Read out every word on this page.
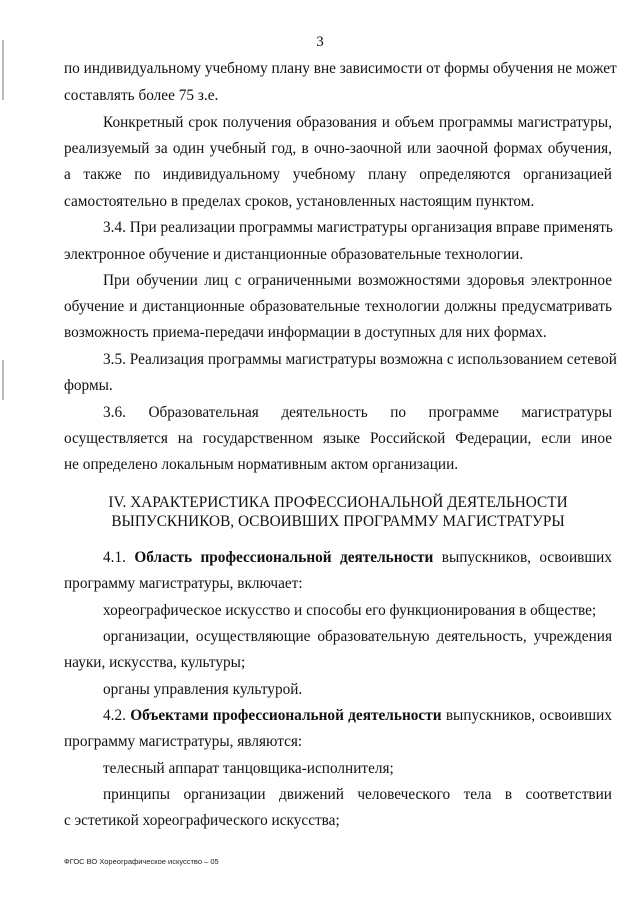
3
по индивидуальному учебному плану вне зависимости от формы обучения не может
составлять более 75 з.е.
Конкретный срок получения образования и объем программы магистратуры,
реализуемый за один учебный год, в очно-заочной или заочной формах обучения,
а также по индивидуальному учебному плану определяются организацией
самостоятельно в пределах сроков, установленных настоящим пунктом.
3.4. При реализации программы магистратуры организация вправе применять
электронное обучение и дистанционные образовательные технологии.
При обучении лиц с ограниченными возможностями здоровья электронное
обучение и дистанционные образовательные технологии должны предусматривать
возможность приема-передачи информации в доступных для них формах.
3.5. Реализация программы магистратуры возможна с использованием сетевой
формы.
3.6. Образовательная деятельность по программе магистратуры
осуществляется на государственном языке Российской Федерации, если иное
не определено локальным нормативным актом организации.
IV. ХАРАКТЕРИСТИКА ПРОФЕССИОНАЛЬНОЙ ДЕЯТЕЛЬНОСТИ
ВЫПУСКНИКОВ, ОСВОИВШИХ ПРОГРАММУ МАГИСТРАТУРЫ
4.1. Область профессиональной деятельности выпускников, освоивших
программу магистратуры, включает:
хореографическое искусство и способы его функционирования в обществе;
организации, осуществляющие образовательную деятельность, учреждения
науки, искусства, культуры;
органы управления культурой.
4.2. Объектами профессиональной деятельности выпускников, освоивших
программу магистратуры, являются:
телесный аппарат танцовщика-исполнителя;
принципы организации движений человеческого тела в соответствии
с эстетикой хореографического искусства;
ФГОС ВО Хореографическое искусство – 05
